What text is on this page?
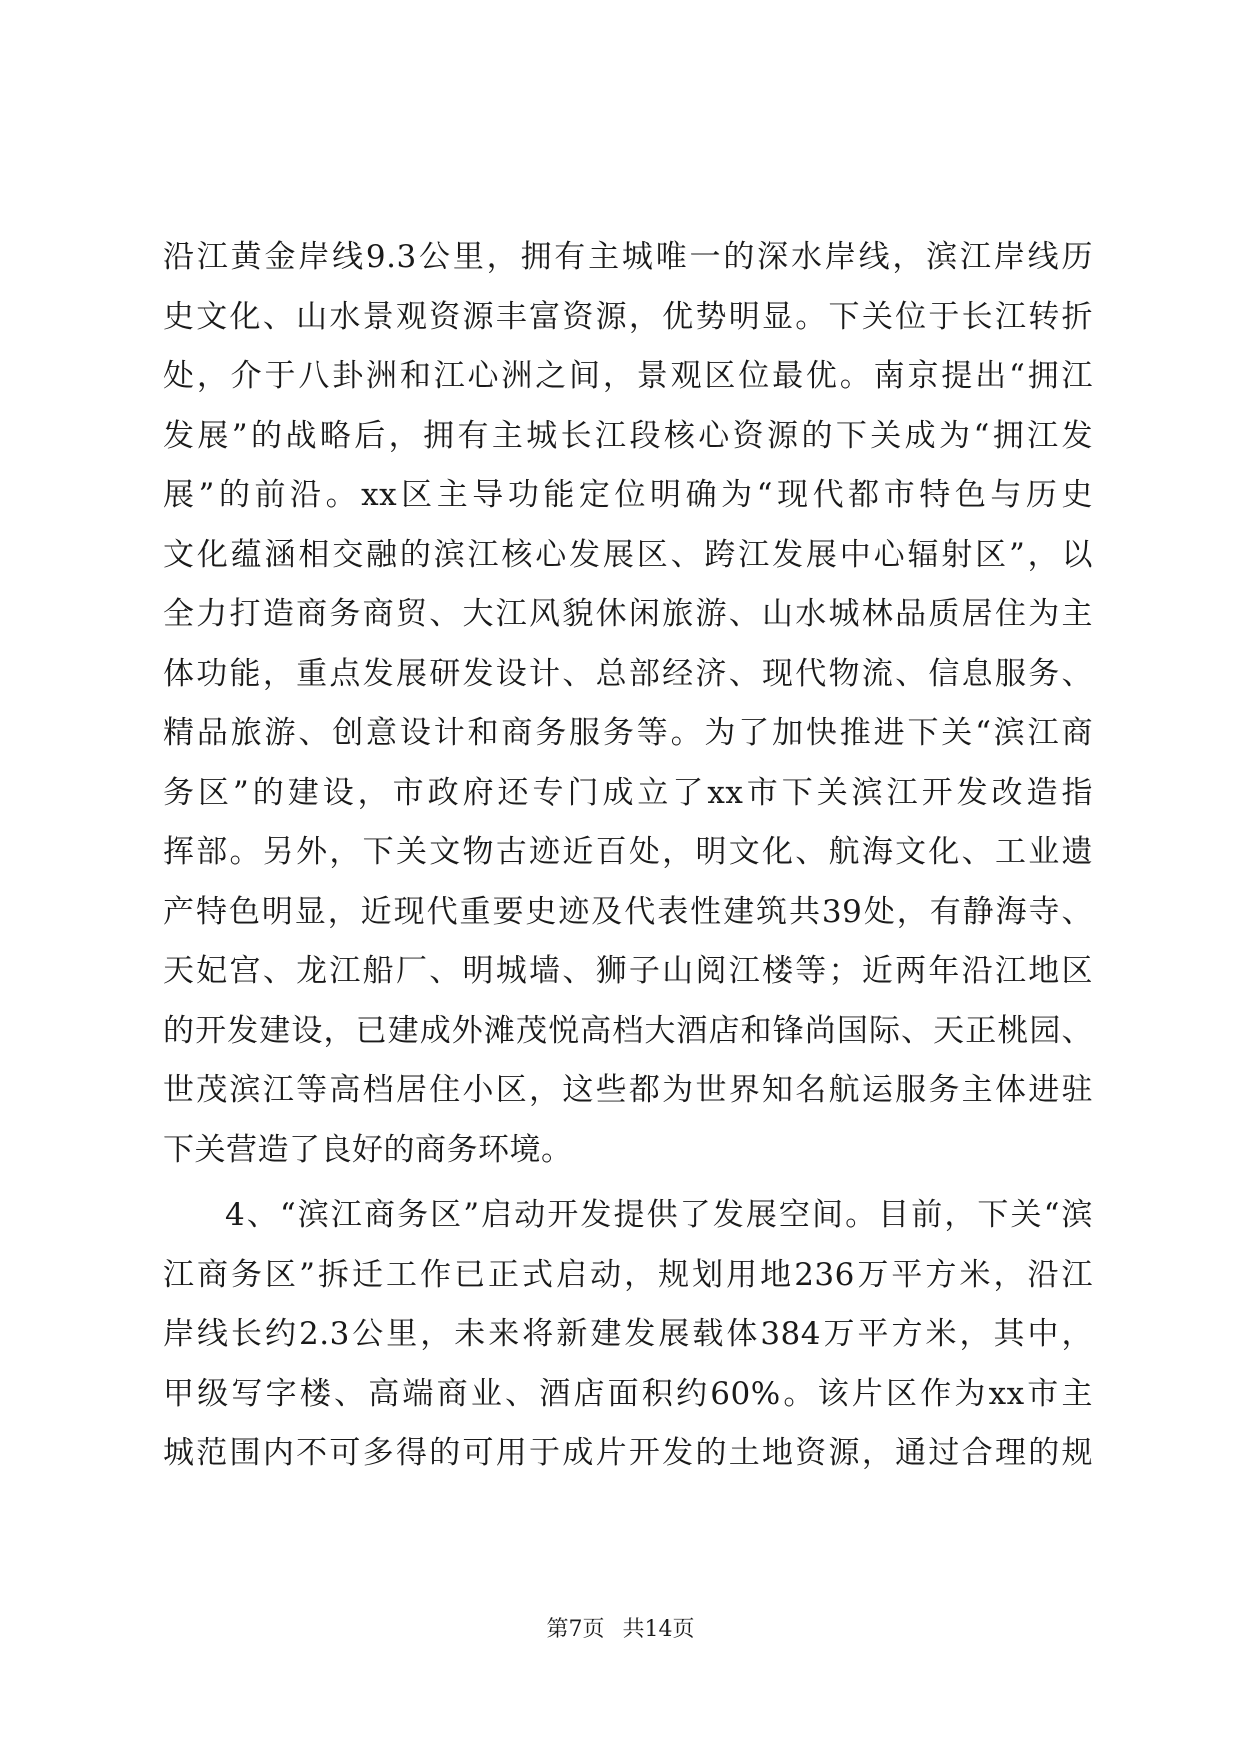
沿江黄金岸线9.3公里，拥有主城唯一的深水岸线，滨江岸线历
史文化、山水景观资源丰富资源，优势明显。下关位于长江转折
处，介于八卦洲和江心洲之间，景观区位最优。南京提出“拥江
发展”的战略后，拥有主城长江段核心资源的下关成为“拥江发
展”的前沿。xx区主导功能定位明确为“现代都市特色与历史
文化蕴涵相交融的滨江核心发展区、跨江发展中心辐射区”，以
全力打造商务商贸、大江风貌休闲旅游、山水城林品质居住为主
体功能，重点发展研发设计、总部经济、现代物流、信息服务、
精品旅游、创意设计和商务服务等。为了加快推进下关“滨江商
务区”的建设，市政府还专门成立了xx市下关滨江开发改造指
挥部。另外，下关文物古迹近百处，明文化、航海文化、工业遗
产特色明显，近现代重要史迹及代表性建筑共39处，有静海寺、
天妃宫、龙江船厂、明城墙、狮子山阅江楼等；近两年沿江地区
的开发建设，已建成外滩茂悦高档大酒店和锋尚国际、天正桃园、
世茂滨江等高档居住小区，这些都为世界知名航运服务主体进驻
下关营造了良好的商务环境。
4、“滨江商务区”启动开发提供了发展空间。目前，下关“滨
江商务区”拆迁工作已正式启动，规划用地236万平方米，沿江
岸线长约2.3公里，未来将新建发展载体384万平方米，其中，
甲级写字楼、高端商业、酒店面积约60%。该片区作为xx市主
城范围内不可多得的可用于成片开发的土地资源，通过合理的规
第7页 共14页
